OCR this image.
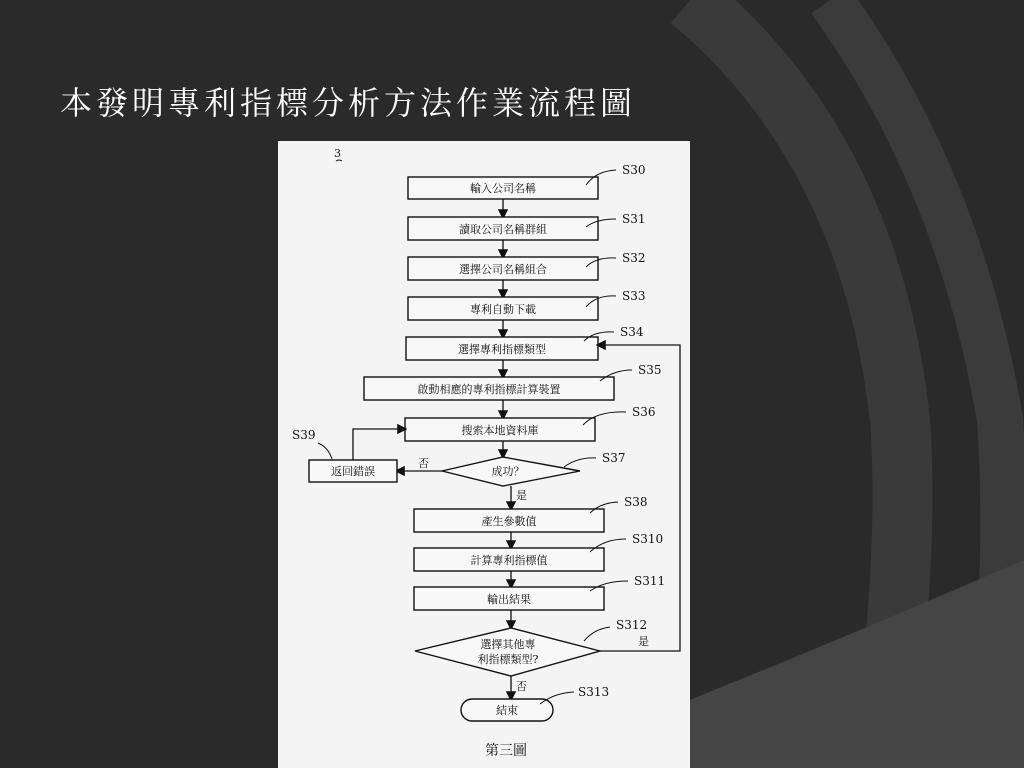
本發明專利指標分析方法作業流程圖
3
輸入公司名稱
S30
讀取公司名稱群組
S31
選擇公司名稱組合
S32
專利自動下載
S33
選擇專利指標類型
S34
啟動相應的專利指標計算裝置
S35
搜索本地資料庫
S36
成功？
S37
否
返回錯誤
S39
是
產生參數值
S38
計算專利指標值
S310
輸出結果
S311
選擇其他專
利指標類型?
S312
是
否
結束
S313
第三圖
